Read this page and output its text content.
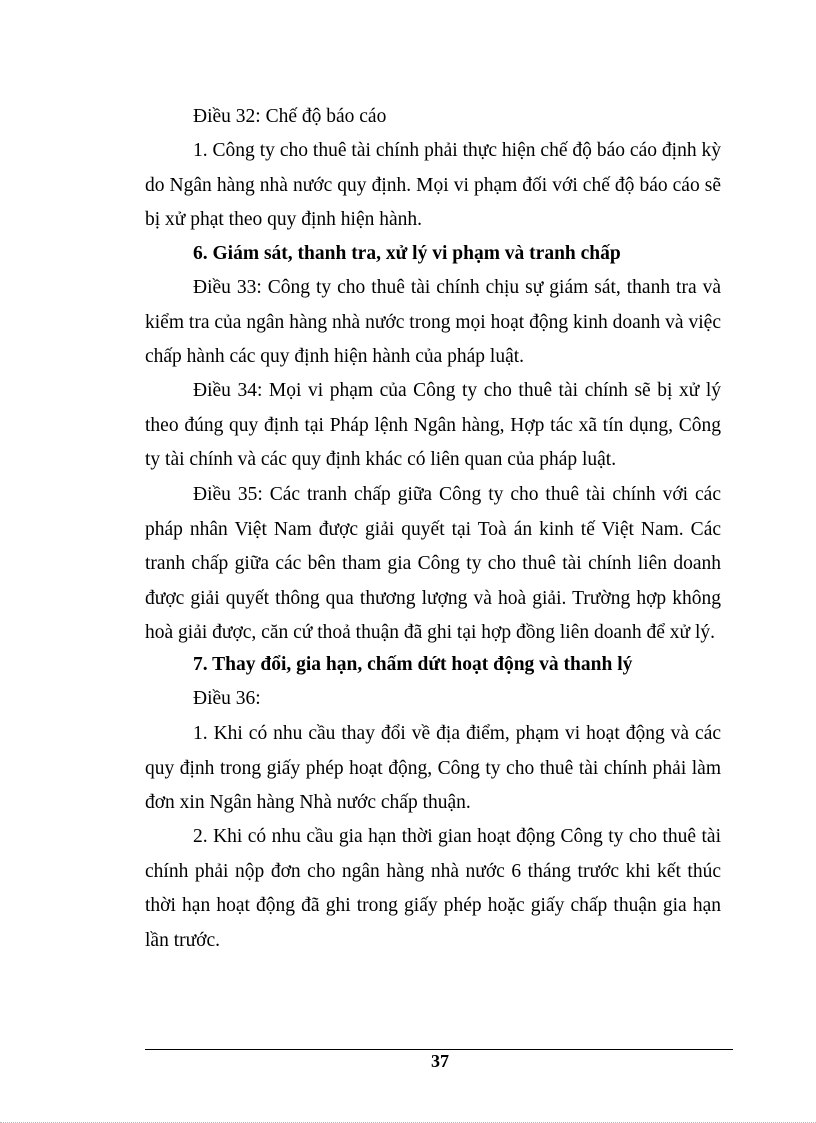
Điều 32: Chế độ báo cáo

1. Công ty cho thuê tài chính phải thực hiện chế độ báo cáo định kỳ do Ngân hàng nhà nước quy định. Mọi vi phạm đối với chế độ báo cáo sẽ bị xử phạt theo quy định hiện hành.

6. Giám sát, thanh tra, xử lý vi phạm và tranh chấp

Điều 33: Công ty cho thuê tài chính chịu sự giám sát, thanh tra và kiểm tra của ngân hàng nhà nước trong mọi hoạt động kinh doanh và việc chấp hành các quy định hiện hành của pháp luật.

Điều 34: Mọi vi phạm của Công ty cho thuê tài chính sẽ bị xử lý theo đúng quy định tại Pháp lệnh Ngân hàng, Hợp tác xã tín dụng, Công ty tài chính và các quy định khác có liên quan của pháp luật.

Điều 35: Các tranh chấp giữa Công ty cho thuê tài chính với các pháp nhân Việt Nam được giải quyết tại Toà án kinh tế Việt Nam. Các tranh chấp giữa các bên tham gia Công ty cho thuê tài chính liên doanh được giải quyết thông qua thương lượng và hoà giải. Trường hợp không hoà giải được, căn cứ thoả thuận đã ghi tại hợp đồng liên doanh để xử lý.

7. Thay đổi, gia hạn, chấm dứt hoạt động và thanh lý

Điều 36:

1. Khi có nhu cầu thay đổi về địa điểm, phạm vi hoạt động và các quy định trong giấy phép hoạt động, Công ty cho thuê tài chính phải làm đơn xin Ngân hàng Nhà nước chấp thuận.

2. Khi có nhu cầu gia hạn thời gian hoạt động Công ty cho thuê tài chính phải nộp đơn cho ngân hàng nhà nước 6 tháng trước khi kết thúc thời hạn hoạt động đã ghi trong giấy phép hoặc giấy chấp thuận gia hạn lần trước.

37
